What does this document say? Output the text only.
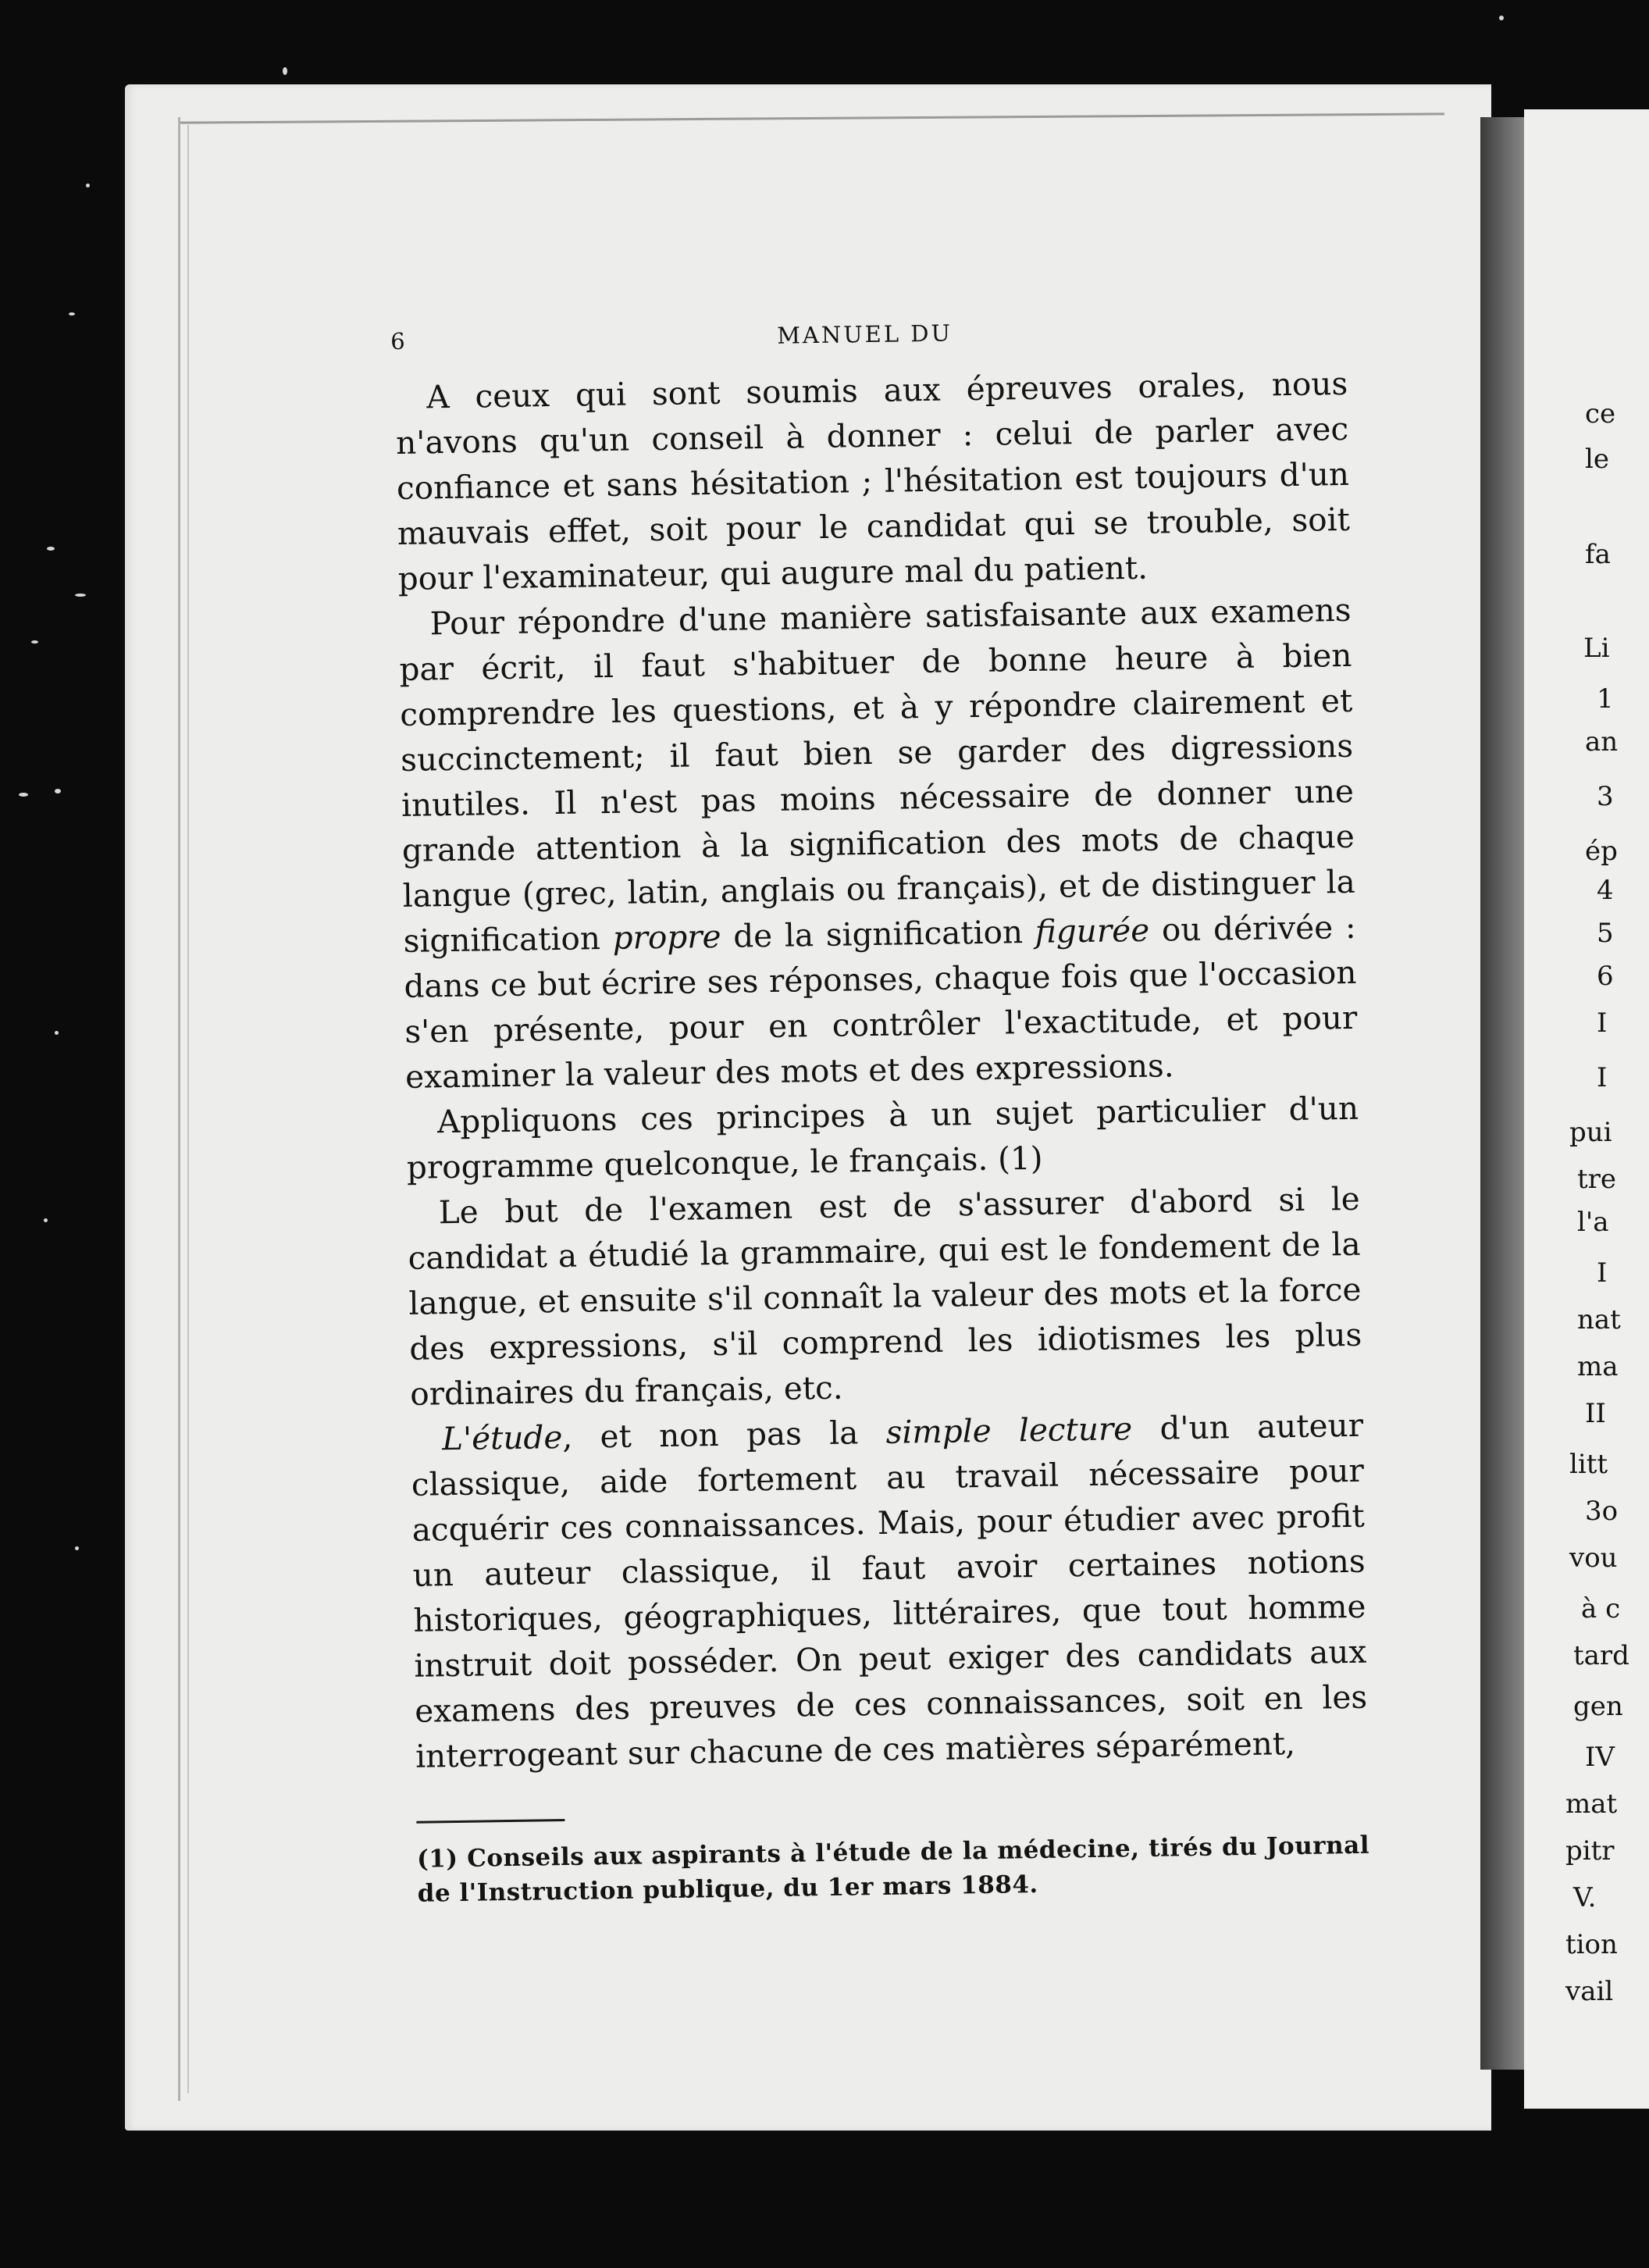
6	MANUEL DU

A ceux qui sont soumis aux épreuves orales, nous n'avons qu'un conseil à donner : celui de parler avec confiance et sans hésitation ; l'hésitation est toujours d'un mauvais effet, soit pour le candidat qui se trouble, soit pour l'examinateur, qui augure mal du patient.

Pour répondre d'une manière satisfaisante aux examens par écrit, il faut s'habituer de bonne heure à bien comprendre les questions, et à y répondre clairement et succinctement; il faut bien se garder des digressions inutiles. Il n'est pas moins nécessaire de donner une grande attention à la signification des mots de chaque langue (grec, latin, anglais ou français), et de distinguer la signification propre de la signification figurée ou dérivée : dans ce but écrire ses réponses, chaque fois que l'occasion s'en présente, pour en contrôler l'exactitude, et pour examiner la valeur des mots et des expressions.

Appliquons ces principes à un sujet particulier d'un programme quelconque, le français. (1)

Le but de l'examen est de s'assurer d'abord si le candidat a étudié la grammaire, qui est le fondement de la langue, et ensuite s'il connaît la valeur des mots et la force des expressions, s'il comprend les idiotismes les plus ordinaires du français, etc.

L'étude, et non pas la simple lecture d'un auteur classique, aide fortement au travail nécessaire pour acquérir ces connaissances. Mais, pour étudier avec profit un auteur classique, il faut avoir certaines notions historiques, géographiques, littéraires, que tout homme instruit doit posséder. On peut exiger des candidats aux examens des preuves de ces connaissances, soit en les interrogeant sur chacune de ces matières séparément,

(1) Conseils aux aspirants à l'étude de la médecine, tirés du Journal de l'Instruction publique, du 1er mars 1884.
ce
le
fa
Li
1
an
3
ép
4
5
6
I
I
pui
tre
l'a
I
nat
ma
II
litt
3o
vou
à c
tard
gen
IV
mat
pitr
V.
tion
vail
